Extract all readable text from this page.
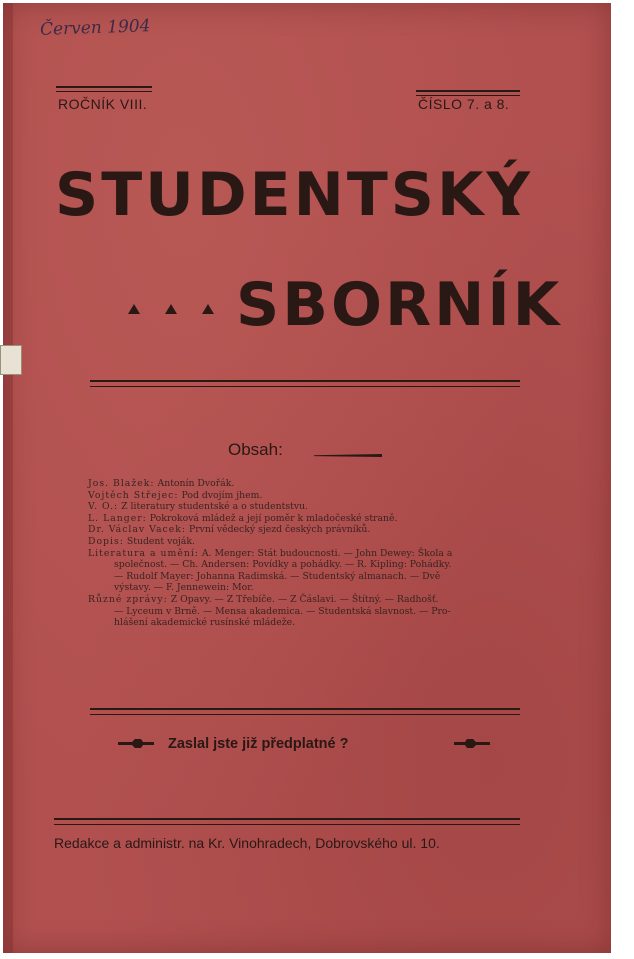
Červen 1904
ROČNÍK VIII.	ČÍSLO 7. a 8.
STUDENTSKÝ
SBORNÍK
Obsah:

Jos. Blažek: Antonín Dvořák.

Vojtěch Střejec: Pod dvojím jhem.

V. O.: Z literatury studentské a o studentstvu.

L. Langer: Pokroková mládež a její poměr k mladočeské straně.

Dr. Václav Vacek: První vědecký sjezd českých právníků.

Dopis: Student voják.

Literatura a umění: A. Menger: Stát budoucnosti. — John Dewey: Škola a

společnost. — Ch. Andersen: Povídky a pohádky. — R. Kipling: Pohádky.

— Rudolf Mayer: Johanna Radimská. — Studentský almanach. — Dvě

výstavy. — F. Jennewein: Mor.

Různé zprávy: Z Opavy. — Z Třebíče. — Z Čáslavi. — Štítný. — Radhošť.

— Lyceum v Brně. — Mensa akademica. — Studentská slavnost. — Pro-

hlášení akademické rusínské mládeže.

Zaslal jste již předplatné ?
Redakce a administr. na Kr. Vinohradech, Dobrovského ul. 10.
